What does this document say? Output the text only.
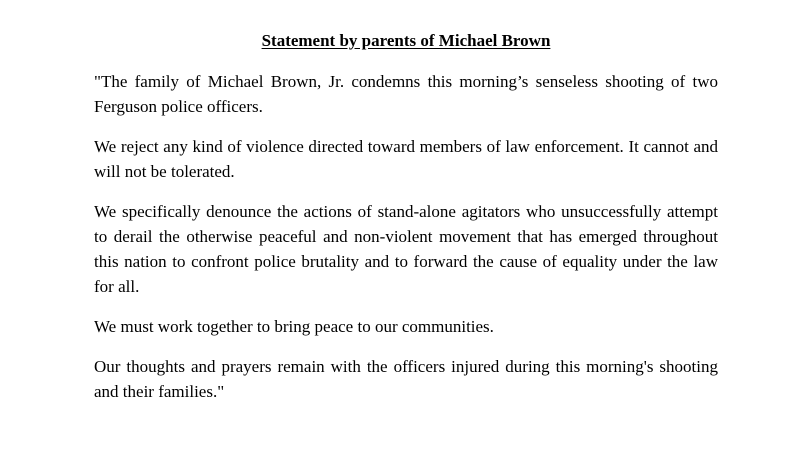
Statement by parents of Michael Brown

"The family of Michael Brown, Jr. condemns this morning’s senseless shooting of two Ferguson police officers.

We reject any kind of violence directed toward members of law enforcement. It cannot and will not be tolerated.

We specifically denounce the actions of stand-alone agitators who unsuccessfully attempt to derail the otherwise peaceful and non-violent movement that has emerged throughout this nation to confront police brutality and to forward the cause of equality under the law for all.

We must work together to bring peace to our communities.

Our thoughts and prayers remain with the officers injured during this morning's shooting and their families."
